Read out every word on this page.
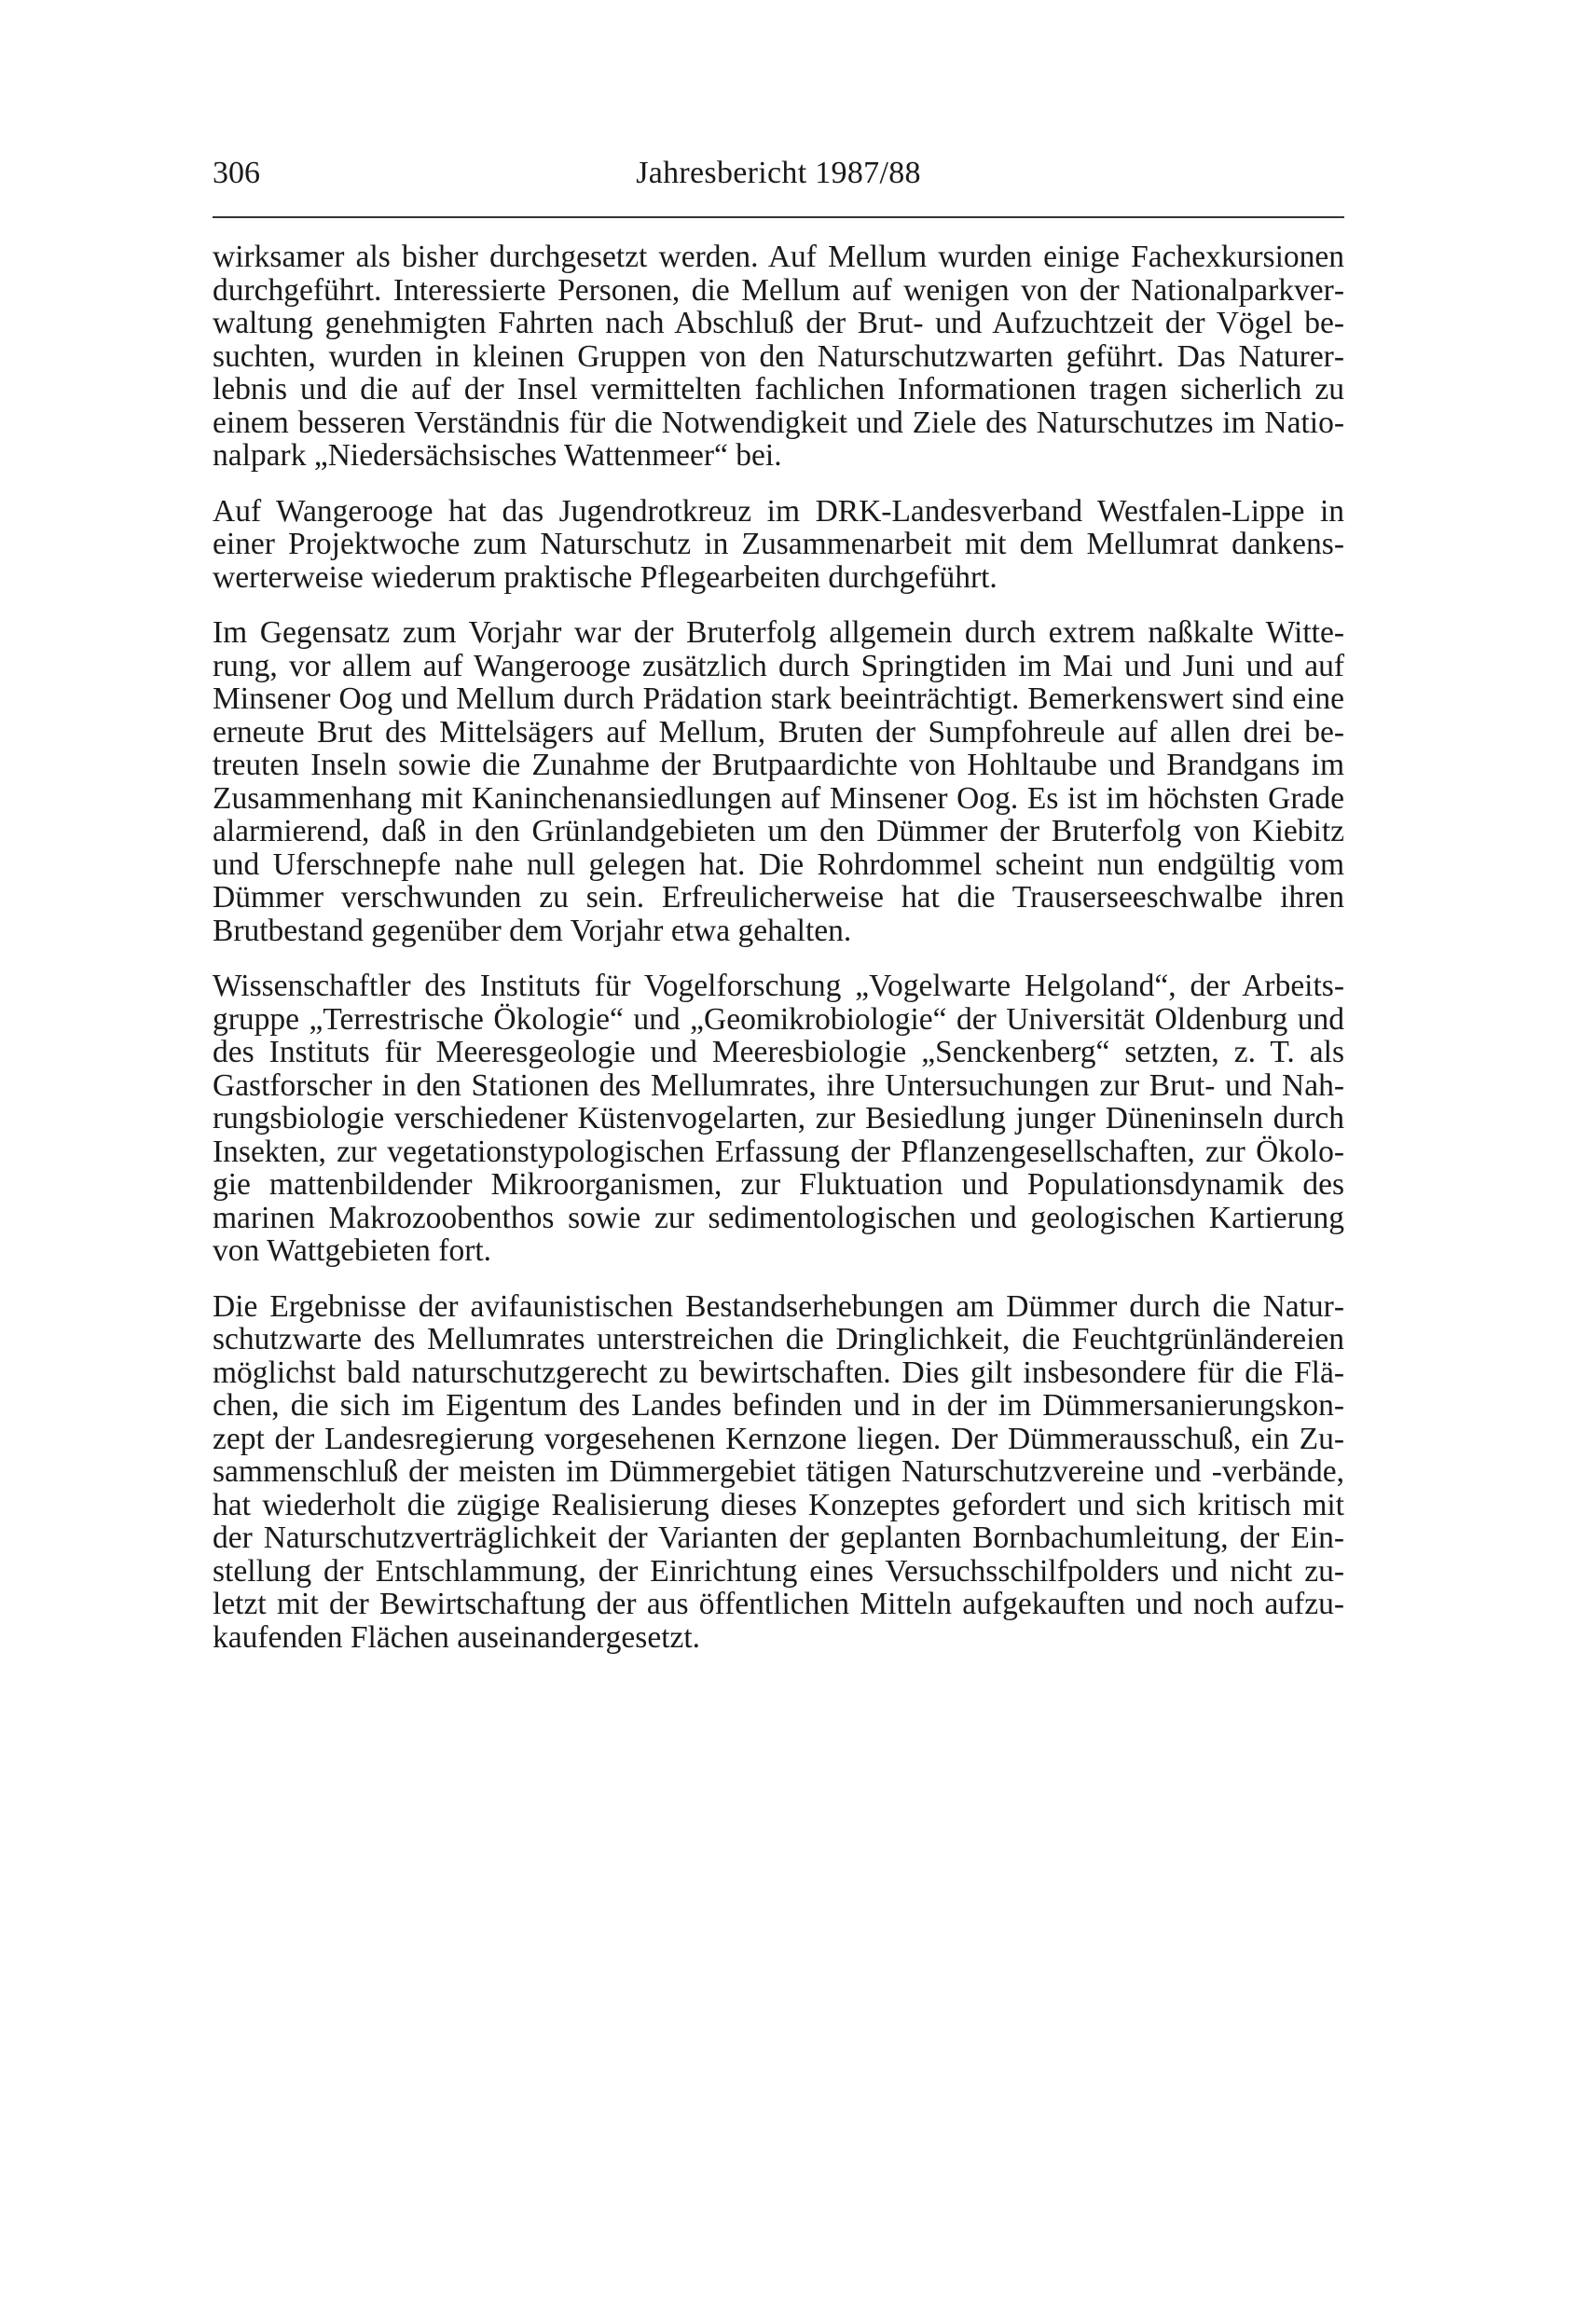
306	Jahresbericht 1987/88

wirksamer als bisher durchgesetzt werden. Auf Mellum wurden einige Fachexkursionen durchgeführt. Interessierte Personen, die Mellum auf wenigen von der Nationalparkverwaltung genehmigten Fahrten nach Abschluß der Brut- und Aufzuchtzeit der Vögel besuchten, wurden in kleinen Gruppen von den Naturschutzwarten geführt. Das Naturerlebnis und die auf der Insel vermittelten fachlichen Informationen tragen sicherlich zu einem besseren Verständnis für die Notwendigkeit und Ziele des Naturschutzes im Nationalpark „Niedersächsisches Wattenmeer“ bei.

Auf Wangerooge hat das Jugendrotkreuz im DRK-Landesverband Westfalen-Lippe in einer Projektwoche zum Naturschutz in Zusammenarbeit mit dem Mellumrat dankenswerterweise wiederum praktische Pflegearbeiten durchgeführt.

Im Gegensatz zum Vorjahr war der Bruterfolg allgemein durch extrem naßkalte Witterung, vor allem auf Wangerooge zusätzlich durch Springtiden im Mai und Juni und auf Minsener Oog und Mellum durch Prädation stark beeinträchtigt. Bemerkenswert sind eine erneute Brut des Mittelsägers auf Mellum, Bruten der Sumpfohreule auf allen drei betreuten Inseln sowie die Zunahme der Brutpaardichte von Hohltaube und Brandgans im Zusammenhang mit Kaninchenansiedlungen auf Minsener Oog. Es ist im höchsten Grade alarmierend, daß in den Grünlandgebieten um den Dümmer der Bruterfolg von Kiebitz und Uferschnepfe nahe null gelegen hat. Die Rohrdommel scheint nun endgültig vom Dümmer verschwunden zu sein. Erfreulicherweise hat die Trauserseeschwalbe ihren Brutbestand gegenüber dem Vorjahr etwa gehalten.

Wissenschaftler des Instituts für Vogelforschung „Vogelwarte Helgoland“, der Arbeitsgruppe „Terrestrische Ökologie“ und „Geomikrobiologie“ der Universität Oldenburg und des Instituts für Meeresgeologie und Meeresbiologie „Senckenberg“ setzten, z. T. als Gastforscher in den Stationen des Mellumrates, ihre Untersuchungen zur Brut- und Nahrungsbiologie verschiedener Küstenvogelarten, zur Besiedlung junger Düneninseln durch Insekten, zur vegetationstypologischen Erfassung der Pflanzengesellschaften, zur Ökologie mattenbildender Mikroorganismen, zur Fluktuation und Populationsdynamik des marinen Makrozoobenthos sowie zur sedimentologischen und geologischen Kartierung von Wattgebieten fort.

Die Ergebnisse der avifaunistischen Bestandserhebungen am Dümmer durch die Naturschutzwarte des Mellumrates unterstreichen die Dringlichkeit, die Feuchtgrünländereien möglichst bald naturschutzgerecht zu bewirtschaften. Dies gilt insbesondere für die Flächen, die sich im Eigentum des Landes befinden und in der im Dümmersanierungskonzept der Landesregierung vorgesehenen Kernzone liegen. Der Dümmerausschuß, ein Zusammenschluß der meisten im Dümmergebiet tätigen Naturschutzvereine und -verbände, hat wiederholt die zügige Realisierung dieses Konzeptes gefordert und sich kritisch mit der Naturschutzverträglichkeit der Varianten der geplanten Bornbachumleitung, der Einstellung der Entschlammung, der Einrichtung eines Versuchsschilfpolders und nicht zuletzt mit der Bewirtschaftung der aus öffentlichen Mitteln aufgekauften und noch aufzukaufenden Flächen auseinandergesetzt.
